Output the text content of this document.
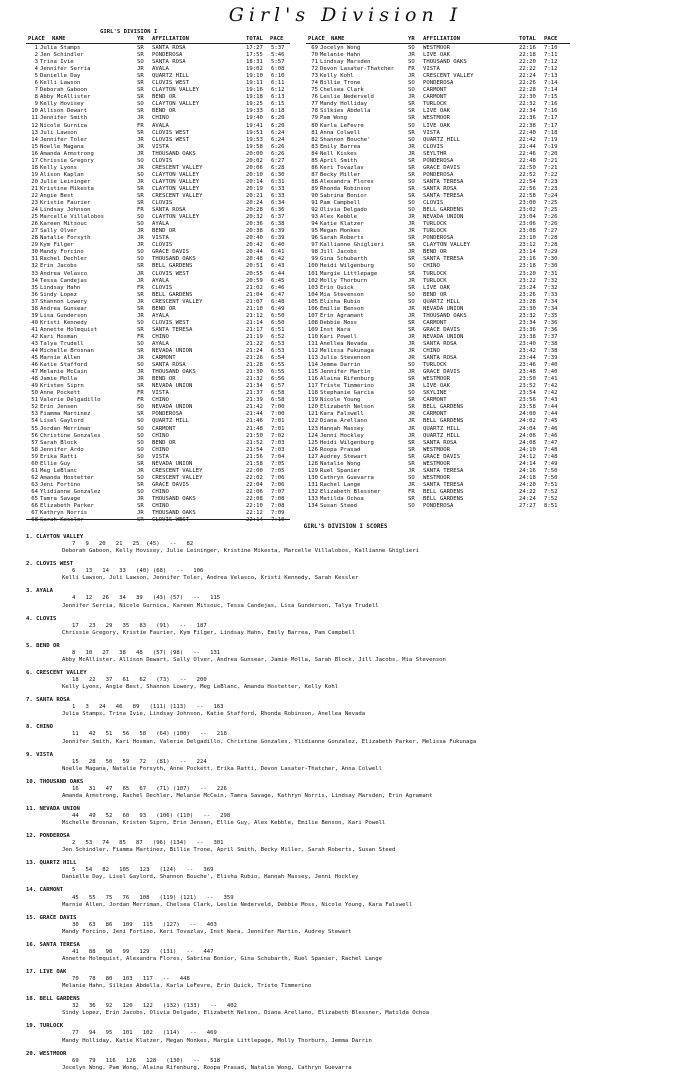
Girl's Division I
GIRL'S DIVISION I
PLACE NAME	YR AFFILIATION	TOTAL PACE	PLACE NAME	YR AFFILIATION	TOTAL PACE
1 Julia Stamps	SR SANTA ROSA	17:27 5:37
2 Jen Schindler	SR PONDEROSA	17:55 5:46
3 Trina Ivie	SO SANTA ROSA	18:31 5:57
4 Jennifer Serria	JR AVALA	19:02 6:08
5 Danielle Day	SR QUARTZ HILL	19:10 6:10
6 Kelli Lawson	SR CLOVIS WEST	19:11 6:11
7 Deborah Gaboon	SR CLAYTON VALLEY	19:16 6:12
8 Abby McAllister	SR BEND OR	19:18 6:13
9 Kelly Hovisey	SO CLAYTON VALLEY	19:25 6:15
10 Allison Dewart	SR BEND OR	19:33 6:18
11 Jennifer Smith	JR CHINO	19:40 6:20
12 Nicole Gurnica	FR AVALA	19:41 6:20
13 Juli Lawson	SR CLOVIS WEST	19:51 6:24
14 Jennifer Toler	JR CLOVIS WEST	19:53 6:24
15 Noelle Magana	JR VISTA	19:58 6:26
16 Amanda Armstrong	JR THOUSAND OAKS	20:00 6:26
17 Chrissie Gregory	SO CLOVIS	20:02 6:27
18 Kelly Lyons	JR CRESCENT VALLEY	20:06 6:28
19 Alison Kaplan	SO CLAYTON VALLEY	20:10 6:30
20 Julie Leininger	JR CLAYTON VALLEY	20:14 6:31
21 Kristine Mikesta	SR CLAYTON VALLEY	20:19 6:33
22 Angie Best	SR CRESCENT VALLEY	20:21 6:33
23 Kristie Faurier	SR CLOVIS	20:24 6:34
24 Lindsay Johnson	FR SANTA ROSA	20:28 6:36
25 Marcelle Villalobos	SO CLAYTON VALLEY	20:32 6:37
26 Kareen Mitsouc	SO AYALA	20:36 6:38
27 Sally Olver	JR BEND OR	20:38 6:39
28 Natalie Forsyth	JR VISTA	20:40 6:39
29 Kym Filger	JR CLOVIS	20:42 6:40
30 Mandy Forcino	SO GRACE DAVIS	20:44 6:41
31 Rachel Dechler	SO THOUSAND OAKS	20:48 6:42
32 Erin Jacobs	SR BELL GARDENS	20:51 6:43
33 Andrea Velasco	JR CLOVIS WEST	20:55 6:44
34 Tessa Candejas	JR AYALA	20:59 6:45
35 Lindsay Hahn	FR CLOVIS	21:02 6:46
36 Sindy Lopez	SR BELL GARDENS	21:04 6:47
37 Shannon Lowery	JR CRESCENT VALLEY	21:07 6:48
38 Andrea Gunsear	SR BEND OR	21:10 6:49
39 Lisa Gunderson	JR AYALA	21:12 6:50
40 Kristi Kennedy	SO CLOVIS WEST	21:14 6:50
41 Annette Holmquist	SR SANTA TERESA	21:17 6:51
42 Kari Hosman	FR CHINO	21:19 6:52
43 Talya Trudell	SO AYALA	21:22 6:53
44 Michelle Brosnan	SR NEVADA UNION	21:24 6:53
45 Marnie Allen	JR CARMONT	21:26 6:54
46 Katie Stafford	SO SANTA ROSA	21:28 6:55
47 Melanie McCain	JR THOUSAND OAKS	21:30 6:55
48 Jamie Molla	JR BEND OR	21:32 6:56
49 Kristen Siprn	SR NEVADA UNION	21:34 6:57
50 Anne Pockett	FR VISTA	21:37 6:58
51 Valerie Delgadillo	FR CHINO	21:39 6:58
52 Erin Jensen	SO NEVADA UNION	21:42 7:00
53 Fiamma Martinez	SR PONDEROSA	21:44 7:00
54 Lisel Gaylord	SO QUARTZ HILL	21:46 7:01
55 Jordan Merriman	SO CARMONT	21:48 7:01
56 Christine Gonzales	SO CHINO	21:50 7:02
57 Sarah Block	SO BEND OR	21:52 7:03
58 Jennifer Ardo	SO CHINO	21:54 7:03
59 Erika Ratti	SO VISTA	21:56 7:04
60 Ellie Guy	SR NEVADA UNION	21:58 7:05
61 Meg LeBlanc	JR CRESCENT VALLEY	22:00 7:05
62 Amanda Hostetter	SO CRESCENT VALLEY	22:02 7:06
63 Jeni Fortino	SR GRACE DAVIS	22:04 7:06
64 Ylidianne Gonzalez	SO CHINO	22:06 7:07
65 Tamra Savage	JR THOUSAND OAKS	22:08 7:08
66 Elizabeth Parker	SR CHINO	22:10 7:08
67 Kathryn Norris	JR THOUSAND OAKS	22:12 7:09
68 Sarah Kessler	SR CLOVIS WEST	22:14 7:10
69 Jocelyn Wong	SO WESTMOOR	22:16 7:10
70 Melanie Hahn	JR LIVE OAK	22:18 7:11
71 Lindsay Marsden	SO THOUSAND OAKS	22:20 7:12
72 Devon Lasater-Thatcher FR VISTA	22:22 7:12
73 Kelly Kohl	JR CRESCENT VALLEY	22:24 7:13
74 Billie Trone	SO PONDEROSA	22:26 7:14
75 Chelsea Clark	SO CARMONT	22:28 7:14
76 Leslie Nederveld	JR CARMONT	22:30 7:15
77 Mandy Holliday	SR TURLOCK	22:32 7:16
78 Silkies Abdella	SR LIVE OAK	22:34 7:16
79 Pam Wong	SR WESTMOOR	22:36 7:17
80 Karla LeFevre	SO LIVE OAK	22:38 7:17
81 Anna Colwell	SR VISTA	22:40 7:18
82 Shannon Bouche'	SO QUARTZ HILL	22:42 7:19
83 Emily Barrea	JR CLOVIS	22:44 7:19
84 Nell Kiskes	JR SEYLTHR	22:46 7:20
85 April Smith	SR PONDEROSA	22:48 7:21
86 Keri Tovazlav	SR GRACE DAVIS	22:50 7:21
87 Becky Miller	SR PONDEROSA	22:52 7:22
88 Alexandra Flores	SO SANTA TERESA	22:54 7:23
89 Rhonda Robinson	SR SANTA ROSA	22:56 7:23
90 Sabrina Bonior	SR SANTA TERESA	22:58 7:24
91 Pam Campbell	SO CLOVIS	23:00 7:25
92 Olivia Delgado	SO BELL GARDENS	23:02 7:25
93 Alex Kebble	JR NEVADA UNION	23:04 7:26
94 Katie Klatzer	JR TURLOCK	23:06 7:26
95 Megan Monkes	JR TURLOCK	23:08 7:27
96 Sarah Roberts	SR PONDEROSA	23:10 7:28
97 Kallianne Ghiglieri	SR CLAYTON VALLEY	23:12 7:28
98 Jill Jacobs	JR BEND OR	23:14 7:29
99 Gina Schubarth	SR SANTA TERESA	23:16 7:30
100 Heidi Wilgenburg	SO CHINO	23:18 7:30
101 Margie Littlepage	SR TURLOCK	23:20 7:31
102 Molly Thorburn	JR TURLOCK	23:22 7:32
103 Erin Quick	SR LIVE OAK	23:24 7:32
104 Mia Stevenson	SO BEND OR	23:26 7:33
105 Elisha Rubio	SO QUARTZ HILL	23:28 7:34
106 Emilie Benson	JR NEVADA UNION	23:30 7:34
107 Erin Agramant	JR THOUSAND OAKS	23:32 7:35
108 Debbie Moss	SR CARMONT	23:34 7:36
109 Inst Wara	SR GRACE DAVIS	23:36 7:36
110 Kari Powell	JR NEVADA UNION	23:38 7:37
111 Anellea Nevada	JR SANTA ROSA	23:40 7:38
112 Melissa Fukunaga	JR CHINO	23:42 7:38
113 Julia Stevenson	JR SANTA ROSA	23:44 7:39
114 Jemma Darrin	SO TURLOCK	23:46 7:40
115 Jennifer Martin	JR GRACE DAVIS	23:48 7:40
116 Alaina Rifenburg	SR WESTMOOR	23:50 7:41
117 Triste Timmerino	JR LIVE OAK	23:52 7:42
118 Stephanie Garcia	SO SKYLINE	23:54 7:42
119 Nicole Young	SR CARMONT	23:56 7:43
120 Elizabeth Nelson	SR BELL GARDENS	23:58 7:44
121 Kara Falswell	JR CARMONT	24:00 7:44
122 Diana Arellano	JR BELL GARDENS	24:02 7:45
123 Hannah Massey	JR QUARTZ HILL	24:04 7:46
124 Jenni Hockley	JR QUARTZ HILL	24:06 7:46
125 Heidi Wilgenburg	SR SANTA ROSA	24:08 7:47
126 Roopa Prasad	SR WESTMOOR	24:10 7:48
127 Audrey Stewart	SR GRACE DAVIS	24:12 7:48
128 Natalie Wong	SR WESTMOOR	24:14 7:49
129 Ruel Spanier	JR SANTA TERESA	24:16 7:50
130 Cathryn Guevarra	SO WESTMOOR	24:18 7:50
131 Rachel Lange	JR SANTA TERESA	24:20 7:51
132 Elizabeth Blessner	FR BELL GARDENS	24:22 7:52
133 Matilda Ochoa	SR BELL GARDENS	24:24 7:52
134 Susan Steed	SO PONDEROSA	27:27 8:51
GIRL'S DIVISION I SCORES
1. CLAYTON VALLEY
7   9   20   21   25  (45)   --   82
Deborah Gaboon, Kelly Hovisey, Julie Leininger, Kristine Mikesta, Marcelle Villalobos, Kallianne Ghiglieri
2. CLOVIS WEST
6   13   14   33   (40) (68)   --   106
Kelli Lawson, Juli Lawson, Jennifer Toler, Andrea Velasco, Kristi Kennedy, Sarah Kessler
3. AYALA
4   12   26   34   39   (43) (57)   --   115
Jennifer Serria, Nicole Gurnica, Kareen Mitsouc, Tessa Candejas, Lisa Gunderson, Talya Trudell
4. CLOVIS
17   23   29   35   83   (91)   --   187
Chrissie Gregory, Kristie Faurier, Kym Filger, Lindsay Hahn, Emily Barrea, Pam Campbell
5. BEND OR
8   10   27   38   48   (57) (98)   --   131
Abby McAllister, Allison Dewart, Sally Olver, Andrea Gunsear, Jamie Molla, Sarah Block, Jill Jacobs, Mia Stevenson
6. CRESCENT VALLEY
18   22   37   61   62   (73)   --   200
Kelly Lyons, Angie Best, Shannon Lowery, Meg LeBlanc, Amanda Hostetter, Kelly Kohl
7. SANTA ROSA
1   3   24   46   89   (111) (113)   --   163
Julia Stamps, Trina Ivie, Lindsay Johnson, Katie Stafford, Rhonda Robinson, Anellea Nevada
8. CHINO
11   42   51   56   58   (64) (100)   --   218
Jennifer Smith, Kari Hosman, Valerie Delgadillo, Christine Gonzales, Ylidianne Gonzalez, Elizabeth Parker, Melissa Fukunaga
9. VISTA
15   28   50   59   72   (81)   --   224
Noelle Magana, Natalie Forsyth, Anne Pockett, Erika Ratti, Devon Lasater-Thatcher, Anna Colwell
10. THOUSAND OAKS
16   31   47   65   67   (71) (107)   --   226
Amanda Armstrong, Rachel Dechler, Melanie McCain, Tamra Savage, Kathryn Norris, Lindsay Marsden, Erin Agramant
11. NEVADA UNION
44   49   52   60   93   (106) (110)   --   298
Michelle Brosnan, Kristen Siprn, Erin Jensen, Ellie Guy, Alex Kebble, Emilie Benson, Kari Powell
12. PONDEROSA
2   53   74   85   87   (96) (134)   --   301
Jen Schindler, Fiamma Martinez, Billie Trone, April Smith, Becky Miller, Sarah Roberts, Susan Steed
13. QUARTZ HILL
5   54   82   105   123   (124)   --   369
Danielle Day, Lisel Gaylord, Shannon Bouche', Elisha Rubio, Hannah Massey, Jenni Hockley
14. CARMONT
45   55   75   76   108   (119) (121)   --   359
Marnie Allen, Jordan Merriman, Chelsea Clark, Leslie Nederveld, Debbie Moss, Nicole Young, Kara Falswell
15. GRACE DAVIS
30   63   86   109   115   (127)   --   403
Mandy Forcino, Jeni Fortino, Keri Tovazlav, Inst Wara, Jennifer Martin, Audrey Stewart
16. SANTA TERESA
41   88   90   99   129   (131)   --   447
Annette Holmquist, Alexandra Flores, Sabrina Bonior, Gina Schubarth, Ruel Spanier, Rachel Lange
17. LIVE OAK
70   78   80   103   117   --   448
Melanie Hahn, Silkies Abdella, Karla LeFevre, Erin Quick, Triste Timmerino
18. BELL GARDENS
32   36   92   120   122   (132) (133)   --   402
Sindy Lopez, Erin Jacobs, Olivia Delgado, Elizabeth Nelson, Diana Arellano, Elizabeth Blessner, Matilda Ochoa
19. TURLOCK
77   94   95   101   102   (114)   --   469
Mandy Holliday, Katie Klatzer, Megan Monkes, Margie Littlepage, Molly Thorburn, Jemma Darrin
20. WESTMOOR
69   79   116   126   128   (130)   --   518
Jocelyn Wong, Pam Wong, Alaina Rifenburg, Roopa Prasad, Natalie Wong, Cathryn Guevarra
